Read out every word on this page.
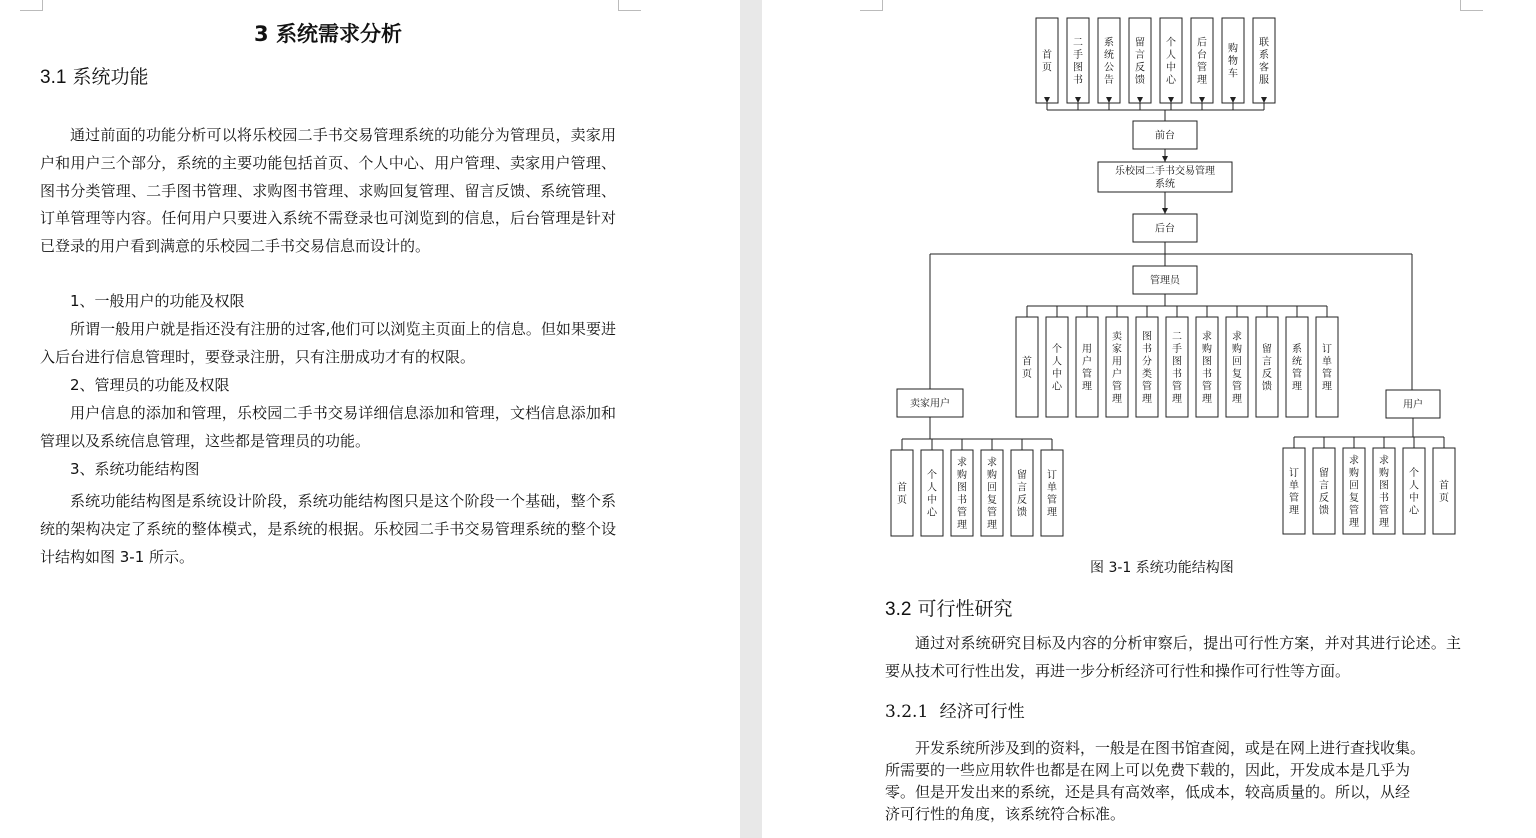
3 系统需求分析
3.1 系统功能

通过前面的功能分析可以将乐校园二手书交易管理系统的功能分为管理员，卖家用户和用户三个部分，系统的主要功能包括首页、个人中心、用户管理、卖家用户管理、图书分类管理、二手图书管理、求购图书管理、求购回复管理、留言反馈、系统管理、订单管理等内容。任何用户只要进入系统不需登录也可浏览到的信息，后台管理是针对已登录的用户看到满意的乐校园二手书交易信息而设计的。

1、一般用户的功能及权限

所谓一般用户就是指还没有注册的过客,他们可以浏览主页面上的信息。但如果要进入后台进行信息管理时，要登录注册，只有注册成功才有的权限。

2、管理员的功能及权限

用户信息的添加和管理，乐校园二手书交易详细信息添加和管理，文档信息添加和管理以及系统信息管理，这些都是管理员的功能。

3、系统功能结构图

系统功能结构图是系统设计阶段，系统功能结构图只是这个阶段一个基础，整个系统的架构决定了系统的整体模式，是系统的根据。乐校园二手书交易管理系统的整个设计结构如图 3-1 所示。

首页
二手图书
系统公告
留言反馈
个人中心
后台管理
购物车
联系客服
前台
乐校园二手书交易管理
系统
后台
管理员
首页
个人中心
用户管理
卖家用户管理
图书分类管理
二手图书管理
求购图书管理
求购回复管理
留言反馈
系统管理
订单管理
卖家用户
首页
个人中心
求购图书管理
求购回复管理
留言反馈
订单管理
用户
订单管理
留言反馈
求购回复管理
求购图书管理
个人中心
首页
图 3-1 系统功能结构图
3.2 可行性研究

通过对系统研究目标及内容的分析审察后，提出可行性方案，并对其进行论述。主要从技术可行性出发，再进一步分析经济可行性和操作可行性等方面。

3.2.1 经济可行性
开发系统所涉及到的资料，一般是在图书馆查阅，或是在网上进行查找收集。
所需要的一些应用软件也都是在网上可以免费下载的，因此，开发成本是几乎为
零。但是开发出来的系统，还是具有高效率，低成本，较高质量的。所以，从经
济可行性的角度，该系统符合标准。
